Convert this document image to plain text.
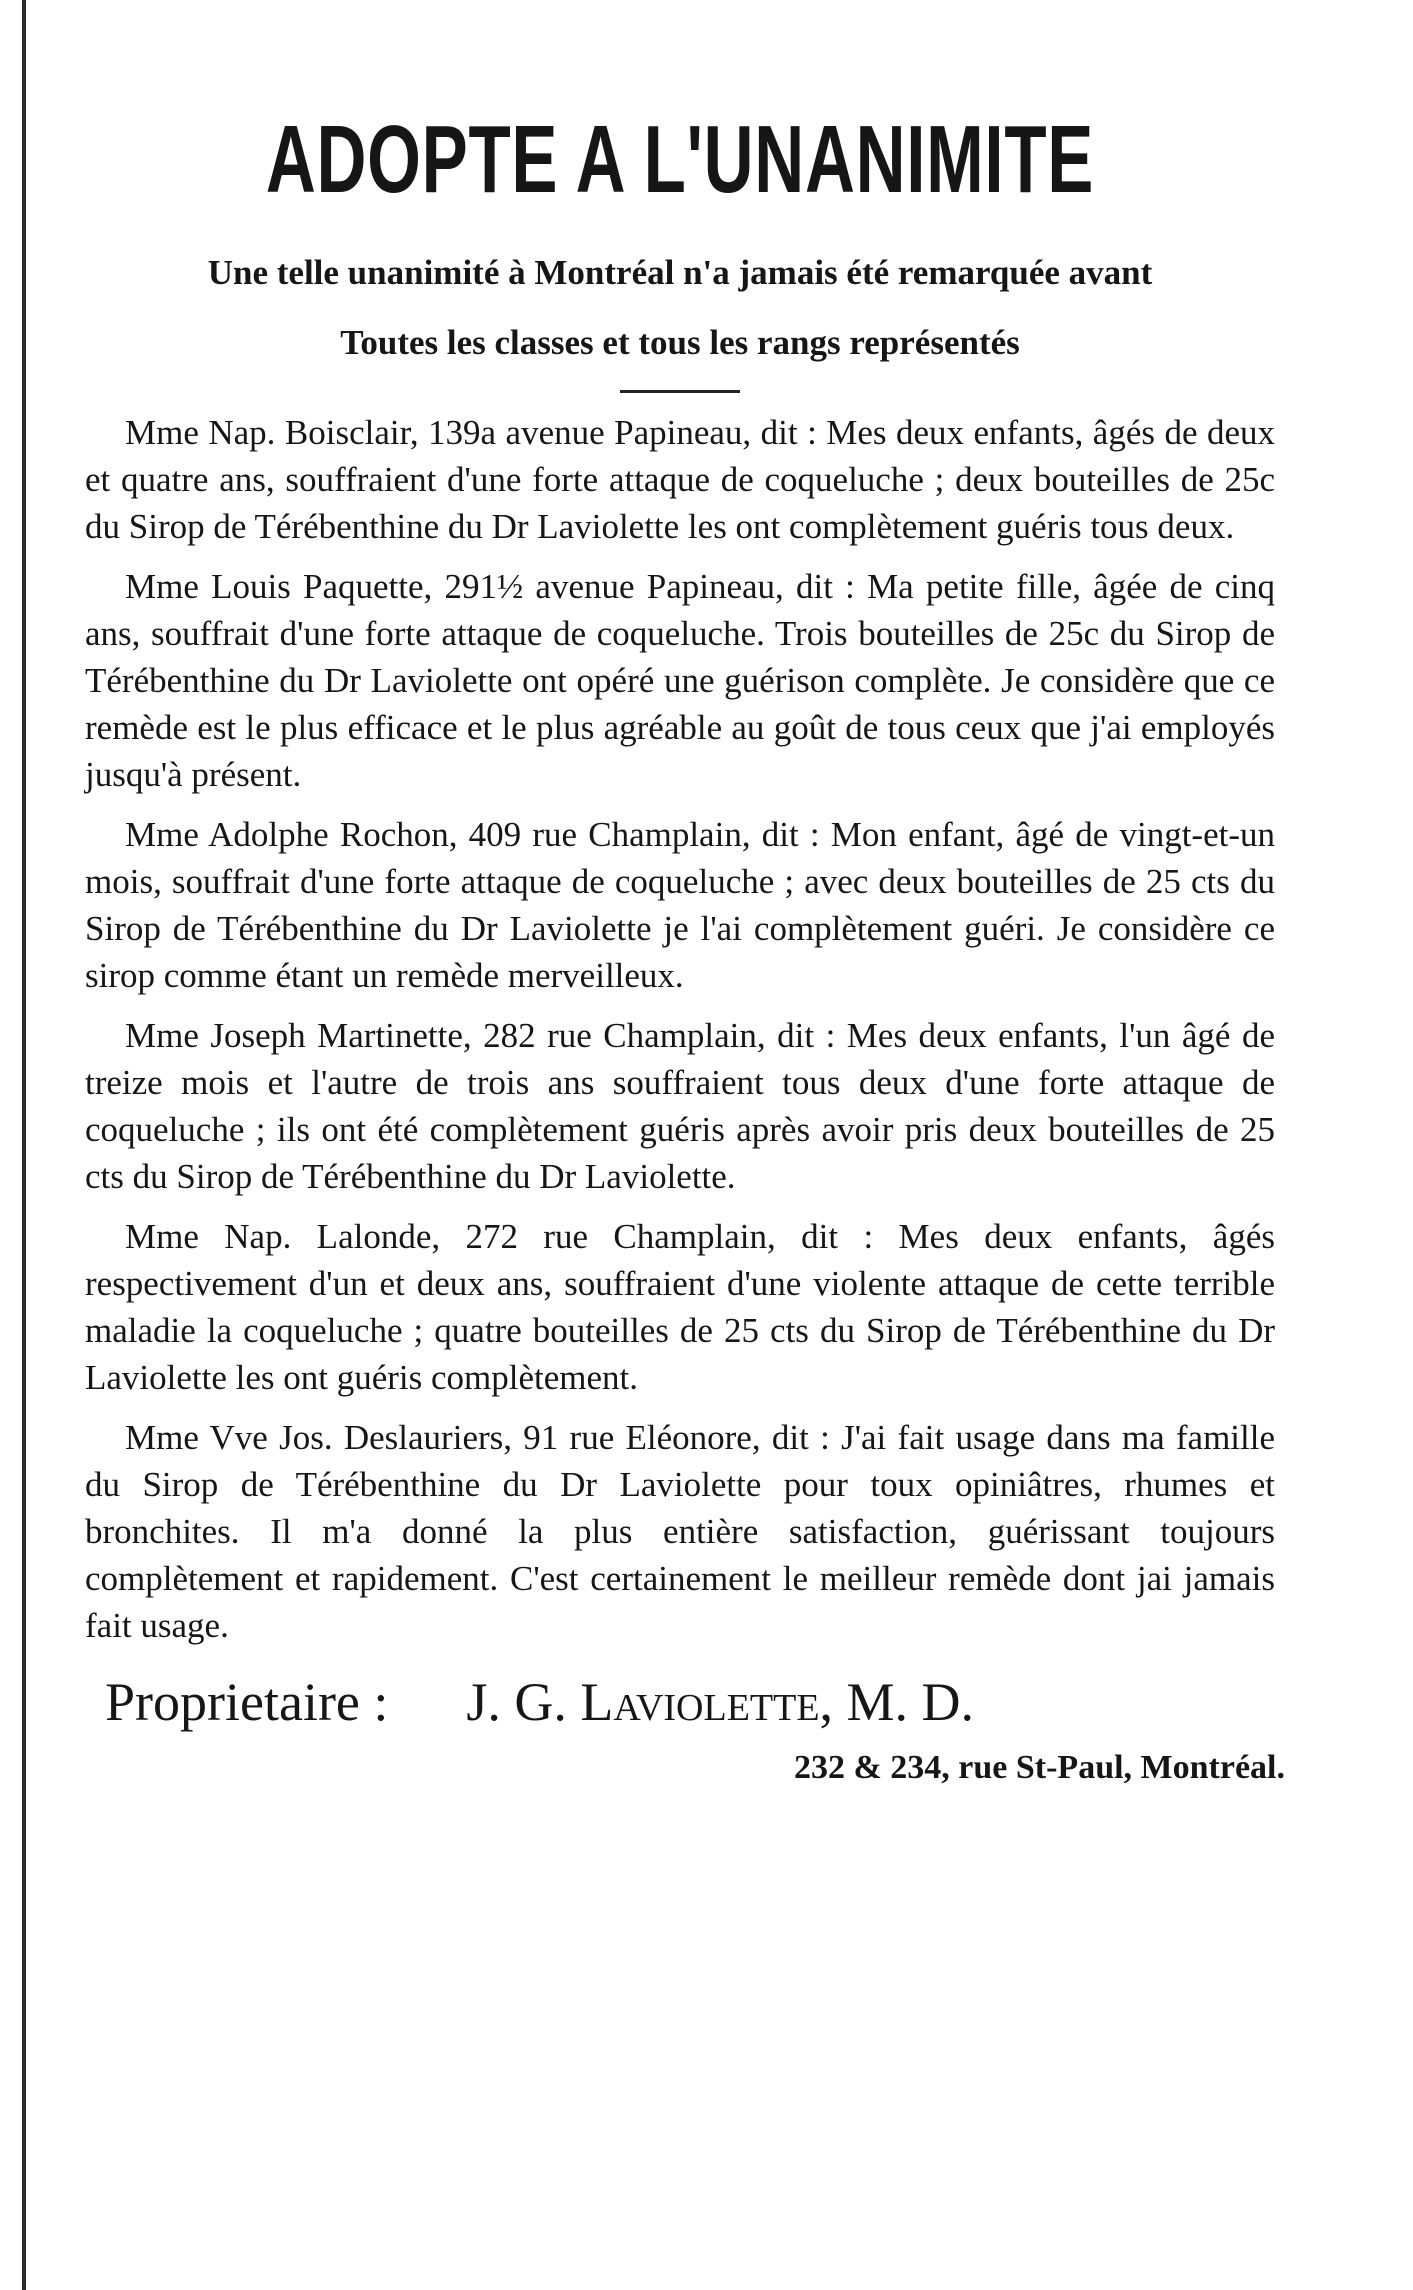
ADOPTE A L'UNANIMITE
Une telle unanimité à Montréal n'a jamais été remarquée avant
Toutes les classes et tous les rangs représentés

Mme Nap. Boisclair, 139a avenue Papineau, dit : Mes deux enfants, âgés de deux et quatre ans, souffraient d'une forte attaque de coqueluche ; deux bouteilles de 25c du Sirop de Térébenthine du Dr Laviolette les ont complètement guéris tous deux.

Mme Louis Paquette, 291½ avenue Papineau, dit : Ma petite fille, âgée de cinq ans, souffrait d'une forte attaque de coqueluche. Trois bouteilles de 25c du Sirop de Térébenthine du Dr Laviolette ont opéré une guérison complète. Je considère que ce remède est le plus efficace et le plus agréable au goût de tous ceux que j'ai employés jusqu'à présent.

Mme Adolphe Rochon, 409 rue Champlain, dit : Mon enfant, âgé de vingt-et-un mois, souffrait d'une forte attaque de coqueluche ; avec deux bouteilles de 25 cts du Sirop de Térébenthine du Dr Laviolette je l'ai complètement guéri. Je considère ce sirop comme étant un remède merveilleux.

Mme Joseph Martinette, 282 rue Champlain, dit : Mes deux enfants, l'un âgé de treize mois et l'autre de trois ans souffraient tous deux d'une forte attaque de coqueluche ; ils ont été complètement guéris après avoir pris deux bouteilles de 25 cts du Sirop de Térébenthine du Dr Laviolette.

Mme Nap. Lalonde, 272 rue Champlain, dit : Mes deux enfants, âgés respectivement d'un et deux ans, souffraient d'une violente attaque de cette terrible maladie la coqueluche ; quatre bouteilles de 25 cts du Sirop de Térébenthine du Dr Laviolette les ont guéris complètement.

Mme Vve Jos. Deslauriers, 91 rue Eléonore, dit : J'ai fait usage dans ma famille du Sirop de Térébenthine du Dr Laviolette pour toux opiniâtres, rhumes et bronchites. Il m'a donné la plus entière satisfaction, guérissant toujours complètement et rapidement. C'est certainement le meilleur remède dont jai jamais fait usage.

Proprietaire : J. G. Laviolette, M. D.
232 & 234, rue St-Paul, Montréal.
